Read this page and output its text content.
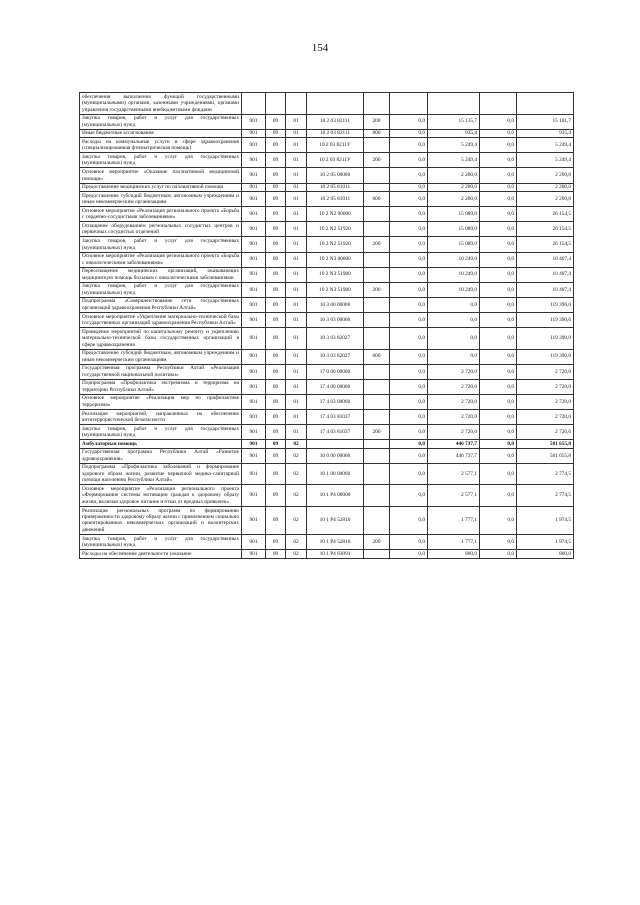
154
обеспечения выполнения функций государственными (муниципальными) органами, казенными учреждениями, органами управления государственными внебюджетными фондами									
Закупка товаров, работ и услуг для государственных (муниципальных) нужд	901	09	01	10 2 03 82111	200	0,0	15 135,7	0,0	15 101,7
Иные бюджетные ассигнования	901	09	01	10 2 03 82111	800	0,0	935,4	0,0	935,4
Расходы на коммунальные услуги в сфере здравоохранения (специализированная фтизиатрическая помощь)	901	09	01	10 2 03 8211У		0,0	5 249,4	0,0	5 249,4
Закупка товаров, работ и услуг для государственных (муниципальных) нужд	901	09	01	10 2 03 8211У	200	0,0	5 249,4	0,0	5 249,4
Основное мероприятие «Оказание паллиативной медицинской помощи»	901	09	01	10 2 05 00000		0,0	2 200,0	0,0	2 200,0
Предоставление медицинских услуг по паллиативной помощи	901	09	01	10 2 05 81011		0,0	2 200,0	0,0	2 200,0
Предоставление субсидий бюджетным, автономным учреждениям и иным некоммерческим организациям	901	09	01	10 2 05 81011	600	0,0	2 200,0	0,0	2 200,0
Основное мероприятие «Реализация регионального проекта «Борьба с сердечно-сосудистыми заболеваниями»	901	09	01	10 2 N2 00000		0,0	15 089,0	0,0	26 154,5
Оснащение оборудованием региональных сосудистых центров и первичных сосудистых отделений	901	09	01	10 2 N2 51920		0,0	15 089,0	0,0	26 154,5
Закупка товаров, работ и услуг для государственных (муниципальных) нужд	901	09	01	10 2 N2 51920	200	0,0	15 089,0	0,0	26 154,5
Основное мероприятие «Реализация регионального проекта «Борьба с онкологическими заболеваниями»	901	09	01	10 2 N3 00000		0,0	10 249,0	0,0	10 407,4
Переоснащение медицинских организаций, оказывающих медицинскую помощь больным с онкологическими заболеваниями	901	09	01	10 2 N3 51900		0,0	10 249,0	0,0	10 407,4
Закупка товаров, работ и услуг для государственных (муниципальных) нужд	901	09	01	10 2 N3 51900	200	0,0	10 249,0	0,0	10 407,4
Подпрограмма «Совершенствование сети государственных организаций здравоохранения Республики Алтай»	901	09	01	10 3 00 00000		0,0	0,0	0,0	119 390,0
Основное мероприятие «Укрепление материально-технической базы государственных организаций здравоохранения Республики Алтай»	901	09	01	10 3 03 00000		0,0	0,0	0,0	119 390,0
Проведение мероприятий по капитальному ремонту и укреплению материально-технической базы государственных организаций в сфере здравоохранения	901	09	01	10 3 03 82027		0,0	0,0	0,0	119 390,0
Предоставление субсидий бюджетным, автономным учреждениям и иным некоммерческим организациям	901	09	01	10 3 03 82027	600	0,0	0,0	0,0	119 390,0
Государственная программа Республики Алтай «Реализация государственной национальной политики»	901	09	01	17 0 00 00000		0,0	2 720,0	0,0	2 720,0
Подпрограмма «Профилактика экстремизма и терроризма на территории Республики Алтай»	901	09	01	17 4 00 00000		0,0	2 720,0	0,0	2 720,0
Основное мероприятие «Реализация мер по профилактике терроризма»	901	09	01	17 4 03 00000		0,0	2 720,0	0,0	2 720,0
Реализация мероприятий, направленных на обеспечение антитеррористической безопасности	901	09	01	17 4 03 81037		0,0	2 720,0	0,0	2 720,0
Закупка товаров, работ и услуг для государственных (муниципальных) нужд	901	09	01	17 4 03 81037	200	0,0	2 720,0	0,0	2 720,0
Амбулаторная помощь	901	09	02			0,0	446 737,7	0,0	581 655,8
Государственная программа Республики Алтай «Развитие здравоохранения»	901	09	02	10 0 00 00000		0,0	446 737,7	0,0	581 655,8
Подпрограмма «Профилактика заболеваний и формирование здорового образа жизни, развитие первичной медико-санитарной помощи населению Республики Алтай»	901	09	02	10 1 00 00000		0,0	2 577,1	0,0	2 774,5
Основное мероприятие «Реализация регионального проекта «Формирование системы мотивации граждан к здоровому образу жизни, включая здоровое питание и отказ от вредных привычек»	901	09	02	10 1 P4 00000		0,0	2 577,1	0,0	2 774,5
Реализация региональных программ по формированию приверженности здоровому образу жизни с привлечением социально ориентированных некоммерческих организаций и волонтерских движений	901	09	02	10 1 P4 52810		0,0	1 777,1	0,0	1 974,5
Закупка товаров, работ и услуг для государственных (муниципальных) нужд	901	09	02	10 1 P4 52810	200	0,0	1 777,1	0,0	1 974,5
Расходы на обеспечение деятельности (оказание	901	09	02	10 1 P4 83091		0,0	800,0	0,0	800,0
